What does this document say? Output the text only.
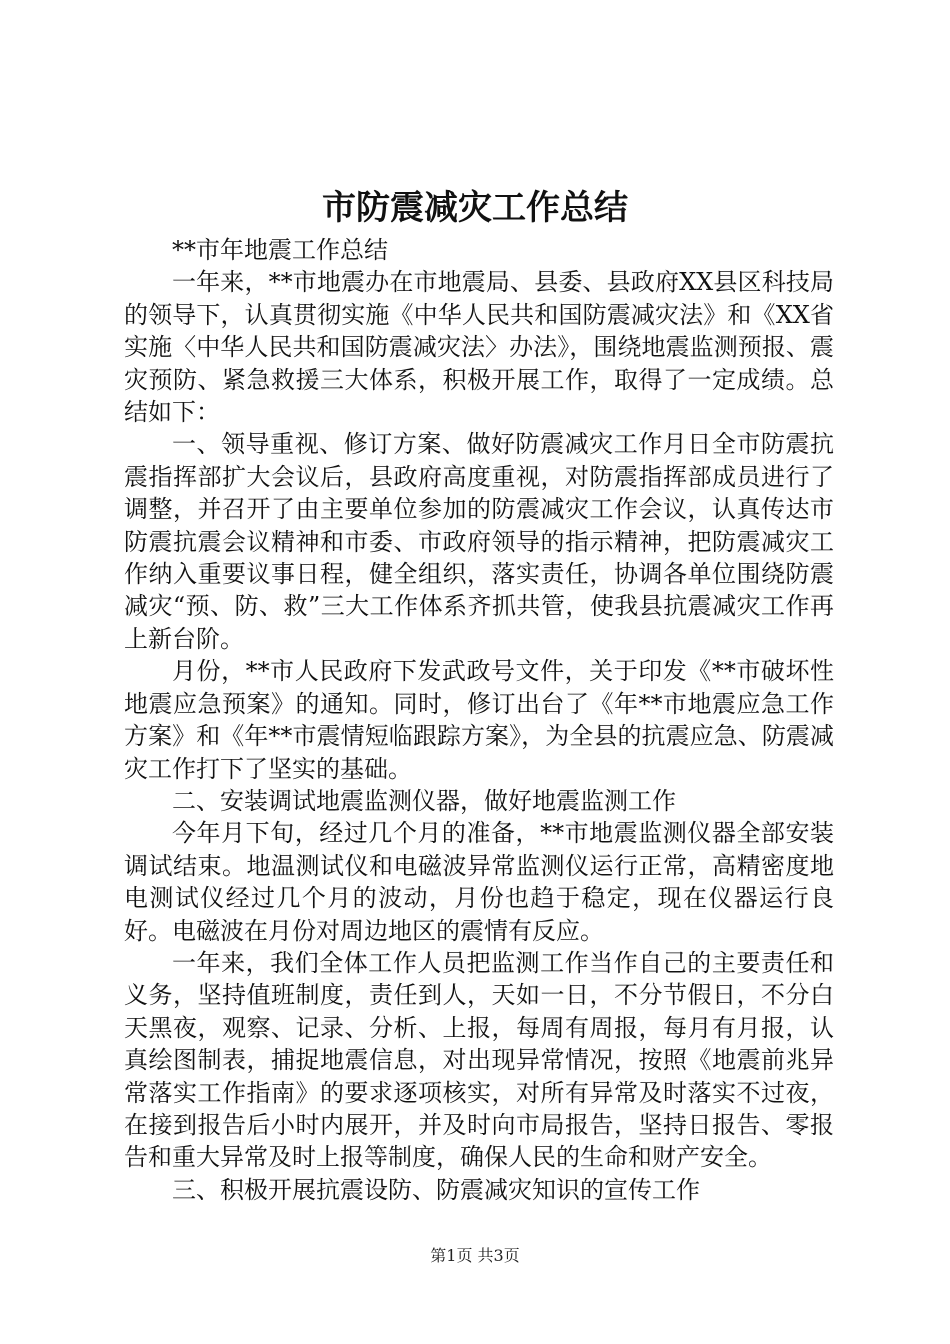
市防震减灾工作总结

**市年地震工作总结

一年来，**市地震办在市地震局、县委、县政府XX县区科技局的领导下，认真贯彻实施《中华人民共和国防震减灾法》和《XX省实施〈中华人民共和国防震减灾法〉办法》，围绕地震监测预报、震灾预防、紧急救援三大体系，积极开展工作，取得了一定成绩。总结如下：

一、领导重视、修订方案、做好防震减灾工作月日全市防震抗震指挥部扩大会议后，县政府高度重视，对防震指挥部成员进行了调整，并召开了由主要单位参加的防震减灾工作会议，认真传达市防震抗震会议精神和市委、市政府领导的指示精神，把防震减灾工作纳入重要议事日程，健全组织，落实责任，协调各单位围绕防震减灾“预、防、救”三大工作体系齐抓共管，使我县抗震减灾工作再上新台阶。

月份，**市人民政府下发武政号文件，关于印发《**市破坏性地震应急预案》的通知。同时，修订出台了《年**市地震应急工作方案》和《年**市震情短临跟踪方案》，为全县的抗震应急、防震减灾工作打下了坚实的基础。

二、安装调试地震监测仪器，做好地震监测工作

今年月下旬，经过几个月的准备，**市地震监测仪器全部安装调试结束。地温测试仪和电磁波异常监测仪运行正常，高精密度地电测试仪经过几个月的波动，月份也趋于稳定，现在仪器运行良好。电磁波在月份对周边地区的震情有反应。

一年来，我们全体工作人员把监测工作当作自己的主要责任和义务，坚持值班制度，责任到人，天如一日，不分节假日，不分白天黑夜，观察、记录、分析、上报，每周有周报，每月有月报，认真绘图制表，捕捉地震信息，对出现异常情况，按照《地震前兆异常落实工作指南》的要求逐项核实，对所有异常及时落实不过夜，在接到报告后小时内展开，并及时向市局报告，坚持日报告、零报告和重大异常及时上报等制度，确保人民的生命和财产安全。

三、积极开展抗震设防、防震减灾知识的宣传工作

第1页 共3页
